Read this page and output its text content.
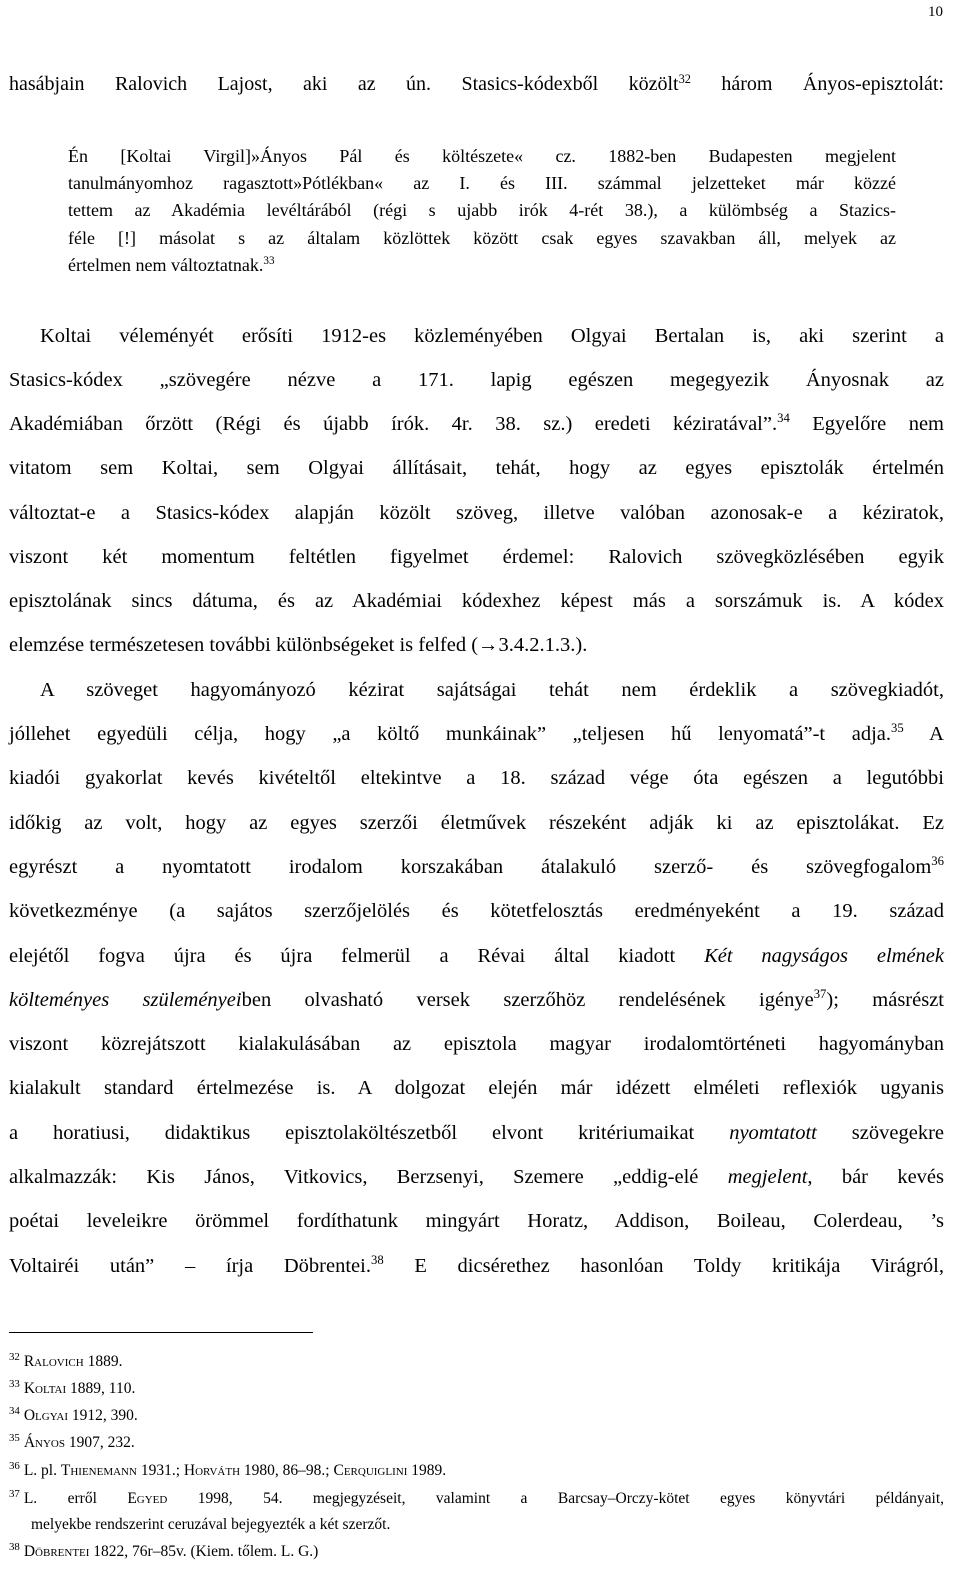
10
hasábjain Ralovich Lajost, aki az ún. Stasics-kódexből közölt$^{32}$ három Ányos-episztolát:
Én [Koltai Virgil]»Ányos Pál és költészete« cz. 1882-ben Budapesten megjelent
tanulmányomhoz ragasztott»Pótlékban« az I. és III. számmal jelzetteket már közzé
tettem az Akadémia levéltárából (régi s ujabb irók 4-rét 38.), a külömbség a Stazics-
féle [!] másolat s az általam közlöttek között csak egyes szavakban áll, melyek az
értelmen nem változtatnak.$^{33}$
Koltai véleményét erősíti 1912-es közleményében Olgyai Bertalan is, aki szerint a
Stasics-kódex „szövegére nézve a 171. lapig egészen megegyezik Ányosnak az
Akadémiában őrzött (Régi és újabb írók. 4r. 38. sz.) eredeti kéziratával”.$^{34}$ Egyelőre nem
vitatom sem Koltai, sem Olgyai állításait, tehát, hogy az egyes episztolák értelmén
változtat-e a Stasics-kódex alapján közölt szöveg, illetve valóban azonosak-e a kéziratok,
viszont két momentum feltétlen figyelmet érdemel: Ralovich szövegközlésében egyik
episztolának sincs dátuma, és az Akadémiai kódexhez képest más a sorszámuk is. A kódex
elemzése természetesen további különbségeket is felfed (→3.4.2.1.3.).
A szöveget hagyományozó kézirat sajátságai tehát nem érdeklik a szövegkiadót,
jóllehet egyedüli célja, hogy „a költő munkáinak” „teljesen hű lenyomatá”-t adja.$^{35}$ A
kiadói gyakorlat kevés kivételtől eltekintve a 18. század vége óta egészen a legutóbbi
időkig az volt, hogy az egyes szerzői életművek részeként adják ki az episztolákat. Ez
egyrészt a nyomtatott irodalom korszakában átalakuló szerző- és szövegfogalom$^{36}$
következménye (a sajátos szerzőjelölés és kötetfelosztás eredményeként a 19. század
elejétől fogva újra és újra felmerül a Révai által kiadott Két nagyságos elmének
költeményes szüleményeiben olvasható versek szerzőhöz rendelésének igénye$^{37}$); másrészt
viszont közrejátszott kialakulásában az episztola magyar irodalomtörténeti hagyományban
kialakult standard értelmezése is. A dolgozat elején már idézett elméleti reflexiók ugyanis
a horatiusi, didaktikus episztolaköltészetből elvont kritériumaikat nyomtatott szövegekre
alkalmazzák: Kis János, Vitkovics, Berzsenyi, Szemere „eddig-elé megjelent, bár kevés
poétai leveleikre örömmel fordíthatunk mingyárt Horatz, Addison, Boileau, Colerdeau, ’s
Voltairéi után” – írja Döbrentei.$^{38}$ E dicsérethez hasonlóan Toldy kritikája Virágról,
$^{32}$ Ralovich 1889.
$^{33}$ Koltai 1889, 110.
$^{34}$ Olgyai 1912, 390.
$^{35}$ Ányos 1907, 232.
$^{36}$ L. pl. Thienemann 1931.; Horváth 1980, 86–98.; Cerquiglini 1989.
$^{37}$ L. erről Egyed 1998, 54. megjegyzéseit, valamint a Barcsay–Orczy-kötet egyes könyvtári példányait,
melyekbe rendszerint ceruzával bejegyezték a két szerzőt.
$^{38}$ Döbrentei 1822, 76r–85v. (Kiem. tőlem. L. G.)
